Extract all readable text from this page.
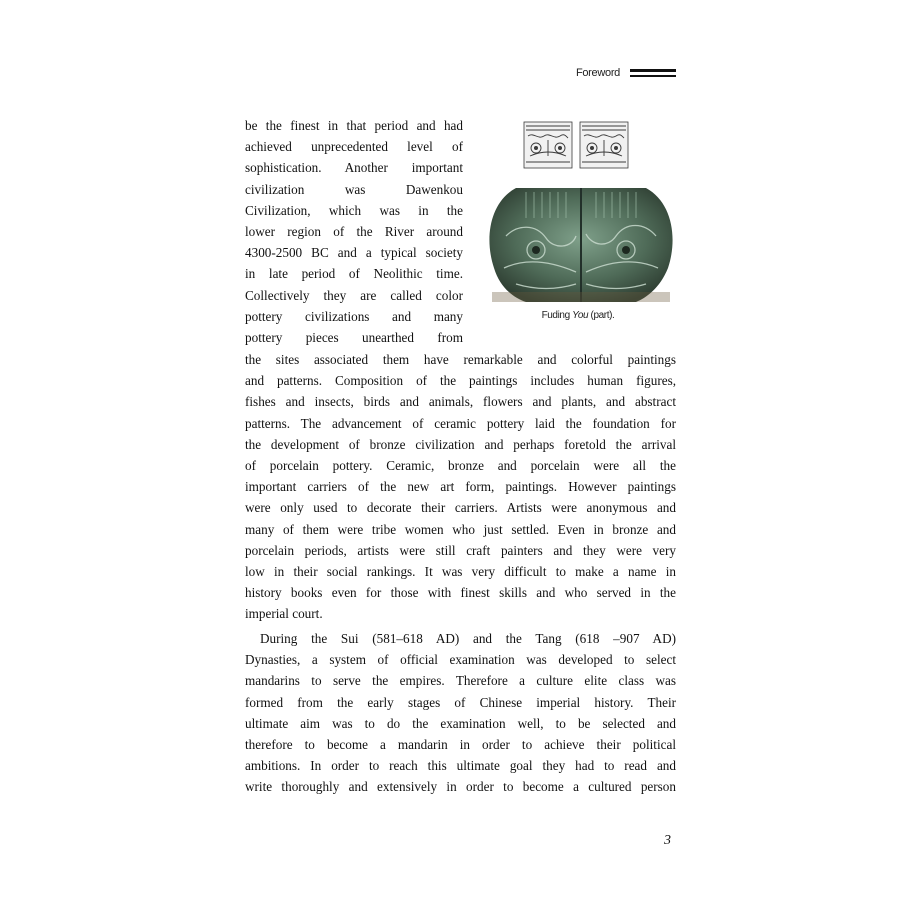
Foreword
be the finest in that period and had
achieved unprecedented level of
sophistication. Another important
civilization was Dawenkou
Civilization, which was in the
lower region of the River around
4300-2500 BC and a typical society
in late period of Neolithic time.
Collectively they are called color
pottery civilizations and many
pottery pieces unearthed from
Fuding You (part).
the sites associated them have remarkable and colorful paintings
and patterns. Composition of the paintings includes human figures,
fishes and insects, birds and animals, flowers and plants, and abstract
patterns. The advancement of ceramic pottery laid the foundation for
the development of bronze civilization and perhaps foretold the arrival
of porcelain pottery. Ceramic, bronze and porcelain were all the
important carriers of the new art form, paintings. However paintings
were only used to decorate their carriers. Artists were anonymous and
many of them were tribe women who just settled. Even in bronze and
porcelain periods, artists were still craft painters and they were very
low in their social rankings. It was very difficult to make a name in
history books even for those with finest skills and who served in the
imperial court.
During the Sui (581–618 AD) and the Tang (618 –907 AD)
Dynasties, a system of official examination was developed to select
mandarins to serve the empires. Therefore a culture elite class was
formed from the early stages of Chinese imperial history. Their
ultimate aim was to do the examination well, to be selected and
therefore to become a mandarin in order to achieve their political
ambitions. In order to reach this ultimate goal they had to read and
write thoroughly and extensively in order to become a cultured person
3
